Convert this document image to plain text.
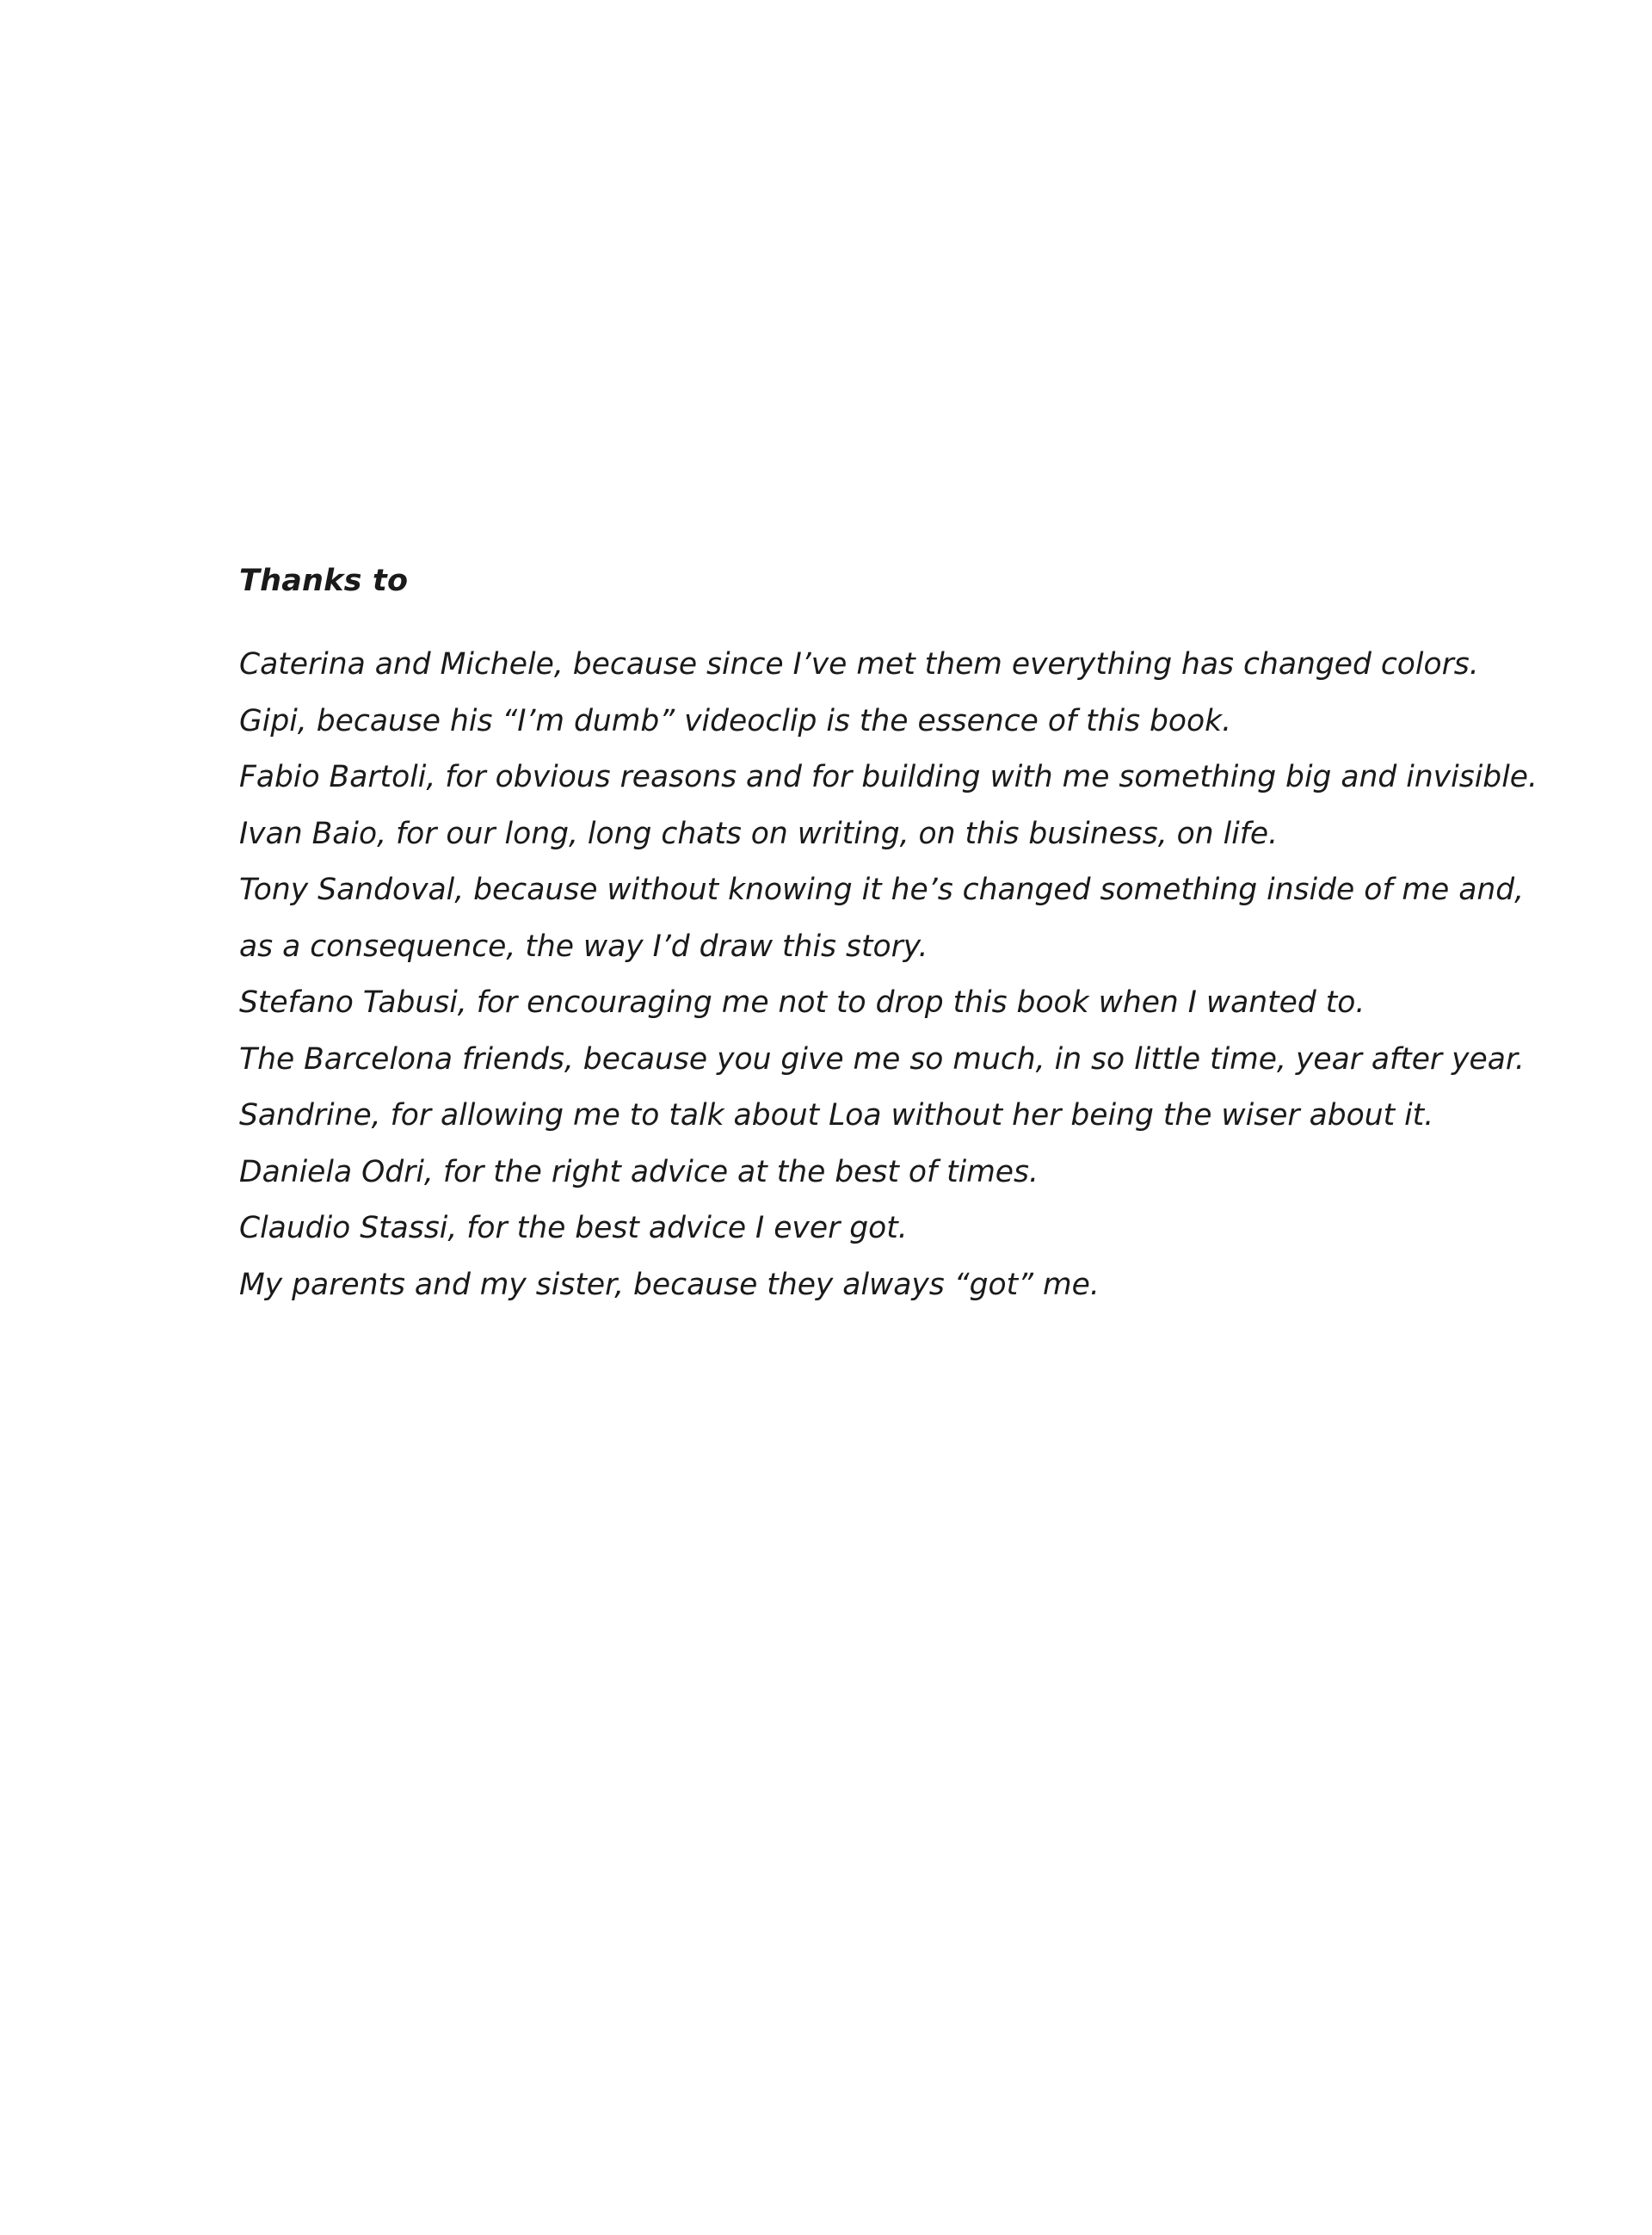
Thanks to
Caterina and Michele, because since I’ve met them everything has changed colors.
Gipi, because his “I’m dumb” videoclip is the essence of this book.
Fabio Bartoli, for obvious reasons and for building with me something big and invisible.
Ivan Baio, for our long, long chats on writing, on this business, on life.
Tony Sandoval, because without knowing it he’s changed something inside of me and,
as a consequence, the way I’d draw this story.
Stefano Tabusi, for encouraging me not to drop this book when I wanted to.
The Barcelona friends, because you give me so much, in so little time, year after year.
Sandrine, for allowing me to talk about Loa without her being the wiser about it.
Daniela Odri, for the right advice at the best of times.
Claudio Stassi, for the best advice I ever got.
My parents and my sister, because they always “got” me.
